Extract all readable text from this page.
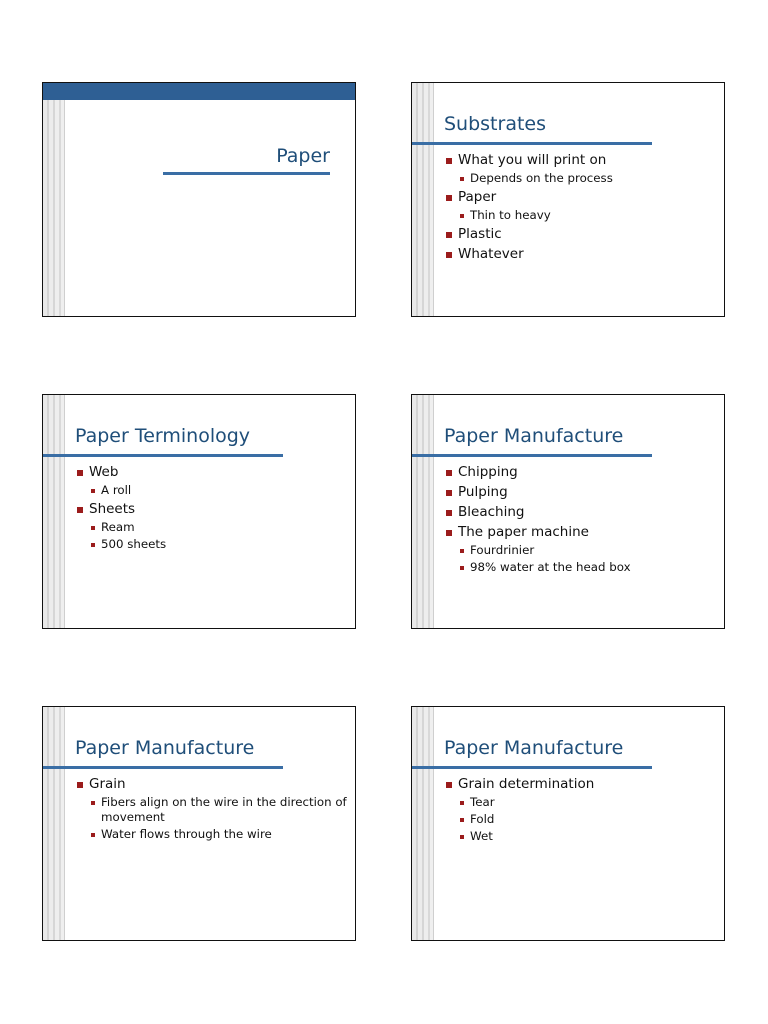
Paper
Substrates
What you will print on
Depends on the process
Paper
Thin to heavy
Plastic
Whatever
Paper Terminology
Web
A roll
Sheets
Ream
500 sheets
Paper Manufacture
Chipping
Pulping
Bleaching
The paper machine
Fourdrinier
98% water at the head box
Paper Manufacture
Grain
Fibers align on the wire in the direction of movement
Water flows through the wire
Paper Manufacture
Grain determination
Tear
Fold
Wet
